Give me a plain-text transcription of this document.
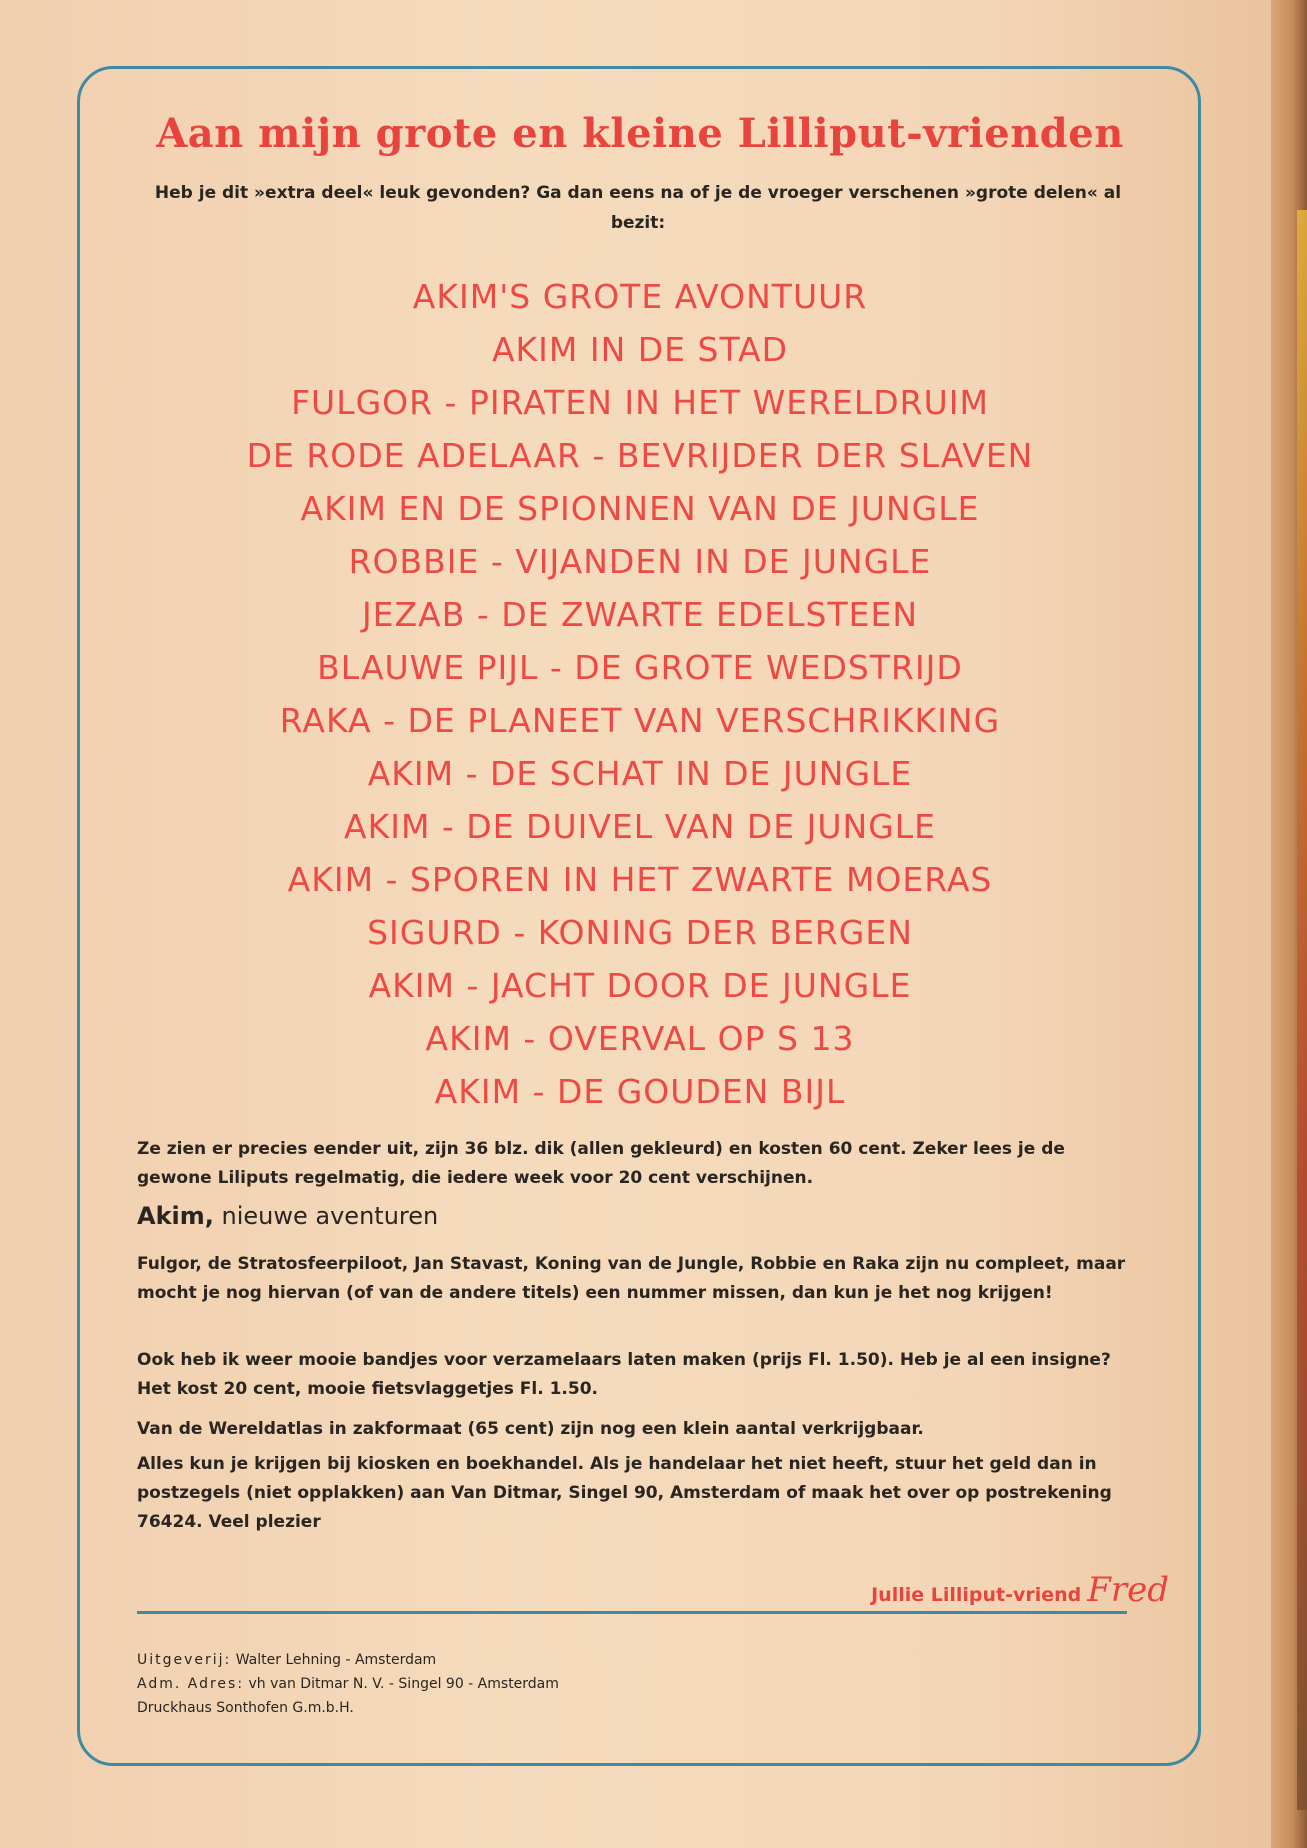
Aan mijn grote en kleine Lilliput-vrienden
Heb je dit »extra deel« leuk gevonden? Ga dan eens na of je de vroeger verschenen »grote delen« al bezit:
AKIM'S GROTE AVONTUUR
AKIM IN DE STAD
FULGOR - PIRATEN IN HET WERELDRUIM
DE RODE ADELAAR - BEVRIJDER DER SLAVEN
AKIM EN DE SPIONNEN VAN DE JUNGLE
ROBBIE - VIJANDEN IN DE JUNGLE
JEZAB - DE ZWARTE EDELSTEEN
BLAUWE PIJL - DE GROTE WEDSTRIJD
RAKA - DE PLANEET VAN VERSCHRIKKING
AKIM - DE SCHAT IN DE JUNGLE
AKIM - DE DUIVEL VAN DE JUNGLE
AKIM - SPOREN IN HET ZWARTE MOERAS
SIGURD - KONING DER BERGEN
AKIM - JACHT DOOR DE JUNGLE
AKIM - OVERVAL OP S 13
AKIM - DE GOUDEN BIJL

Ze zien er precies eender uit, zijn 36 blz. dik (allen gekleurd) en kosten 60 cent. Zeker lees je de gewone Liliputs regelmatig, die iedere week voor 20 cent verschijnen.

Akim, nieuwe aventuren

Fulgor, de Stratosfeerpiloot, Jan Stavast, Koning van de Jungle, Robbie en Raka zijn nu compleet, maar mocht je nog hiervan (of van de andere titels) een nummer missen, dan kun je het nog krijgen!

Ook heb ik weer mooie bandjes voor verzamelaars laten maken (prijs Fl. 1.50). Heb je al een insigne? Het kost 20 cent, mooie fietsvlaggetjes Fl. 1.50.

Van de Wereldatlas in zakformaat (65 cent) zijn nog een klein aantal verkrijgbaar.

Alles kun je krijgen bij kiosken en boekhandel. Als je handelaar het niet heeft, stuur het geld dan in postzegels (niet opplakken) aan Van Ditmar, Singel 90, Amsterdam of maak het over op postrekening 76424. Veel plezier

Jullie Lilliput-vriend Fred
Uitgeverij: Walter Lehning - Amsterdam
Adm. Adres: vh van Ditmar N. V. - Singel 90 - Amsterdam
Druckhaus Sonthofen G.m.b.H.
